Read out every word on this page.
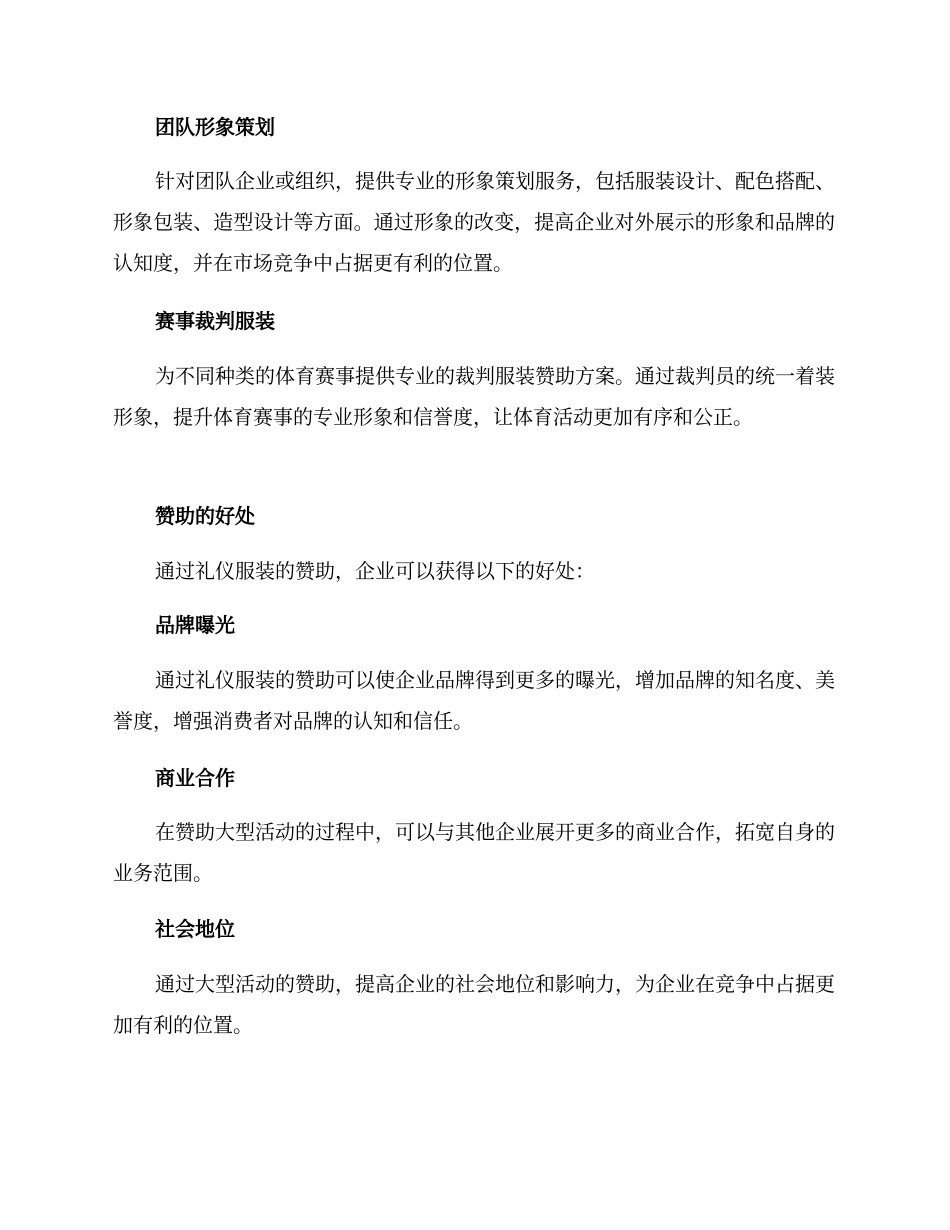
团队形象策划
针对团队企业或组织，提供专业的形象策划服务，包括服装设计、配色搭配、形象包装、造型设计等方面。通过形象的改变，提高企业对外展示的形象和品牌的认知度，并在市场竞争中占据更有利的位置。
赛事裁判服装
为不同种类的体育赛事提供专业的裁判服装赞助方案。通过裁判员的统一着装形象，提升体育赛事的专业形象和信誉度，让体育活动更加有序和公正。
赞助的好处
通过礼仪服装的赞助，企业可以获得以下的好处：
品牌曝光
通过礼仪服装的赞助可以使企业品牌得到更多的曝光，增加品牌的知名度、美誉度，增强消费者对品牌的认知和信任。
商业合作
在赞助大型活动的过程中，可以与其他企业展开更多的商业合作，拓宽自身的业务范围。
社会地位
通过大型活动的赞助，提高企业的社会地位和影响力，为企业在竞争中占据更加有利的位置。
